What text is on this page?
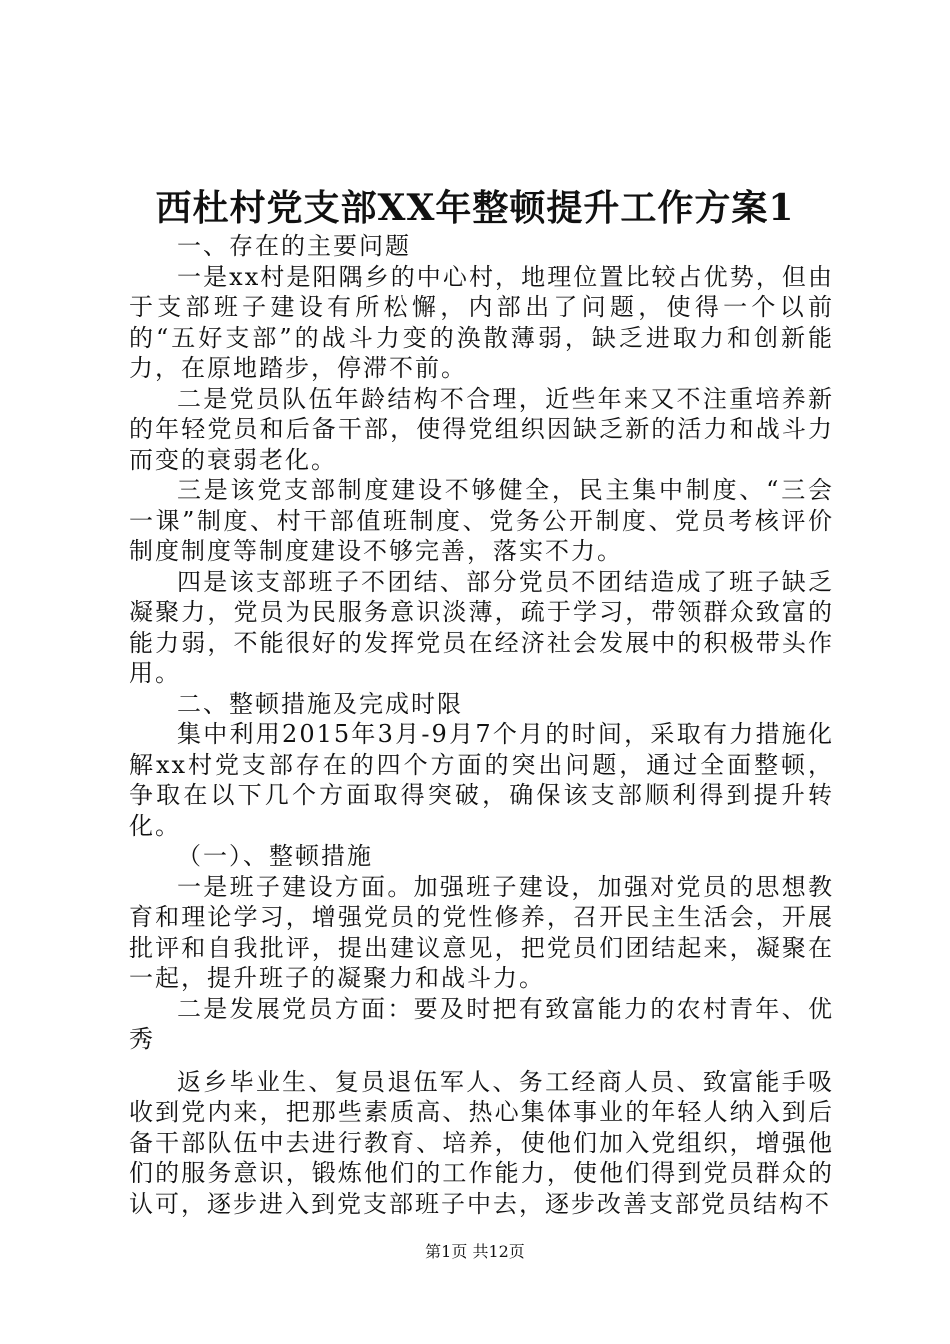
西杜村党支部XX年整顿提升工作方案1

一、存在的主要问题

一是xx村是阳隅乡的中心村，地理位置比较占优势，但由于支部班子建设有所松懈，内部出了问题，使得一个以前的“五好支部”的战斗力变的涣散薄弱，缺乏进取力和创新能力，在原地踏步，停滞不前。

二是党员队伍年龄结构不合理，近些年来又不注重培养新的年轻党员和后备干部，使得党组织因缺乏新的活力和战斗力而变的衰弱老化。

三是该党支部制度建设不够健全，民主集中制度、“三会一课”制度、村干部值班制度、党务公开制度、党员考核评价制度制度等制度建设不够完善，落实不力。

四是该支部班子不团结、部分党员不团结造成了班子缺乏凝聚力，党员为民服务意识淡薄，疏于学习，带领群众致富的能力弱，不能很好的发挥党员在经济社会发展中的积极带头作用。

二、整顿措施及完成时限

集中利用2015年3月-9月7个月的时间，采取有力措施化解xx村党支部存在的四个方面的突出问题，通过全面整顿，争取在以下几个方面取得突破，确保该支部顺利得到提升转化。

（一）、整顿措施

一是班子建设方面。加强班子建设，加强对党员的思想教育和理论学习，增强党员的党性修养，召开民主生活会，开展批评和自我批评，提出建议意见，把党员们团结起来，凝聚在一起，提升班子的凝聚力和战斗力。

二是发展党员方面：要及时把有致富能力的农村青年、优秀

返乡毕业生、复员退伍军人、务工经商人员、致富能手吸收到党内来，把那些素质高、热心集体事业的年轻人纳入到后备干部队伍中去进行教育、培养，使他们加入党组织，增强他们的服务意识，锻炼他们的工作能力，使他们得到党员群众的认可，逐步进入到党支部班子中去，逐步改善支部党员结构不

第1页 共12页
